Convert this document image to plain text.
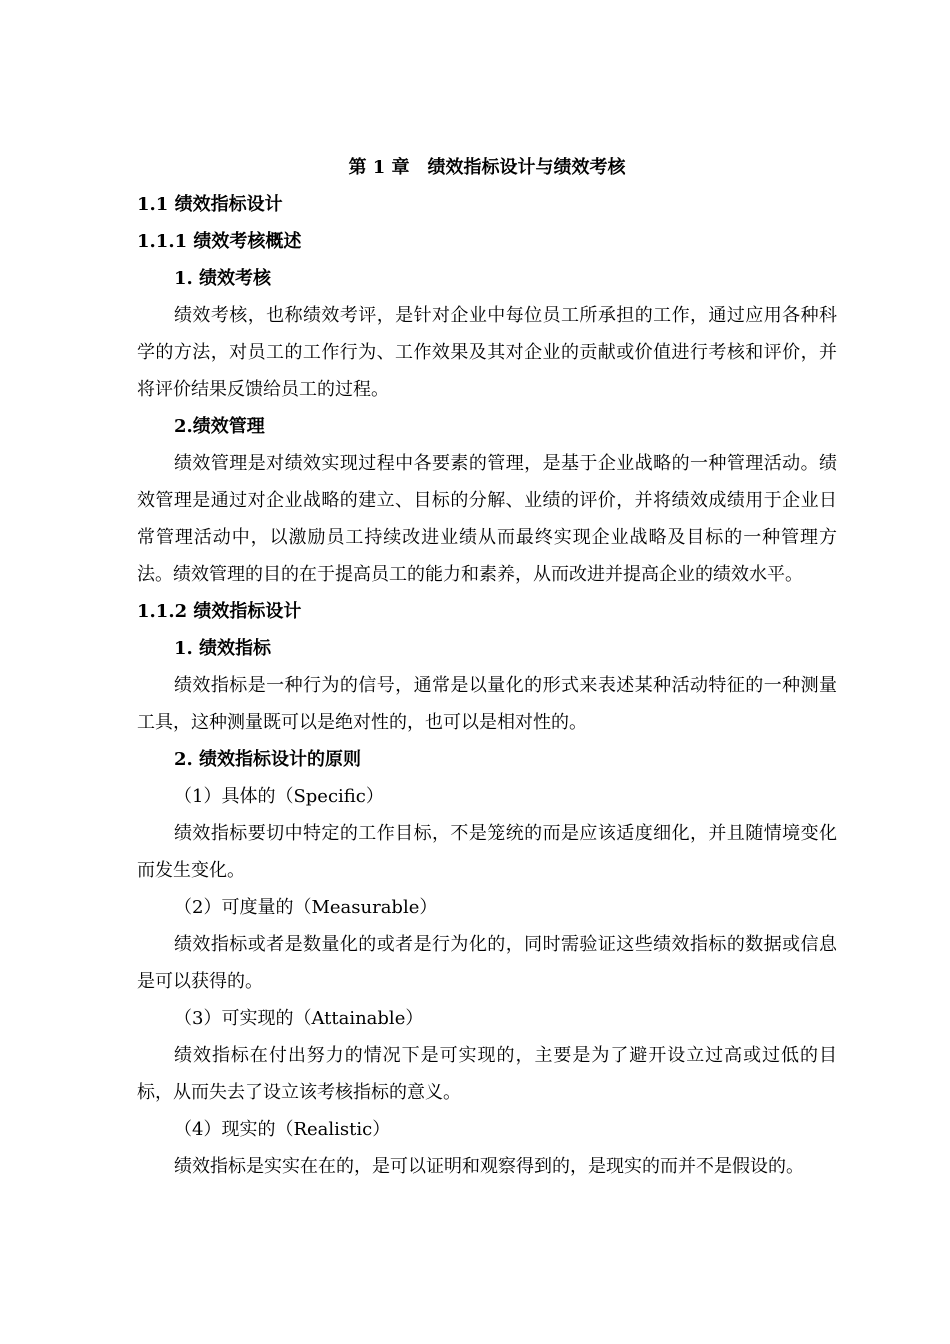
第 1 章　绩效指标设计与绩效考核
1.1 绩效指标设计
1.1.1 绩效考核概述
1. 绩效考核
绩效考核，也称绩效考评，是针对企业中每位员工所承担的工作，通过应用各种科学的方法，对员工的工作行为、工作效果及其对企业的贡献或价值进行考核和评价，并将评价结果反馈给员工的过程。
2.绩效管理
绩效管理是对绩效实现过程中各要素的管理，是基于企业战略的一种管理活动。绩效管理是通过对企业战略的建立、目标的分解、业绩的评价，并将绩效成绩用于企业日常管理活动中，以激励员工持续改进业绩从而最终实现企业战略及目标的一种管理方法。绩效管理的目的在于提高员工的能力和素养，从而改进并提高企业的绩效水平。
1.1.2 绩效指标设计
1. 绩效指标
绩效指标是一种行为的信号，通常是以量化的形式来表述某种活动特征的一种测量工具，这种测量既可以是绝对性的，也可以是相对性的。
2. 绩效指标设计的原则
（1）具体的（Specific）
绩效指标要切中特定的工作目标，不是笼统的而是应该适度细化，并且随情境变化而发生变化。
（2）可度量的（Measurable）
绩效指标或者是数量化的或者是行为化的，同时需验证这些绩效指标的数据或信息是可以获得的。
（3）可实现的（Attainable）
绩效指标在付出努力的情况下是可实现的，主要是为了避开设立过高或过低的目标，从而失去了设立该考核指标的意义。
（4）现实的（Realistic）
绩效指标是实实在在的，是可以证明和观察得到的，是现实的而并不是假设的。
